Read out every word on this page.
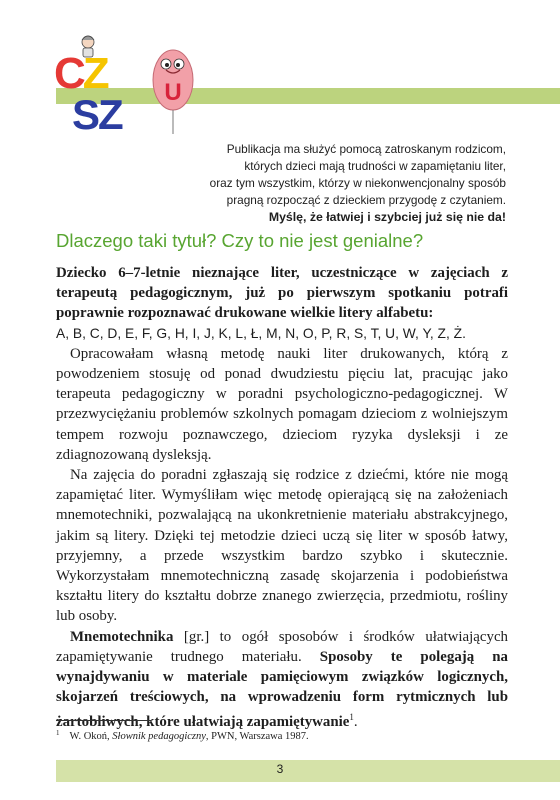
CZ
SZ U
Publikacja ma służyć pomocą zatroskanym rodzicom,
których dzieci mają trudności w zapamiętaniu liter,
oraz tym wszystkim, którzy w niekonwencjonalny sposób
pragną rozpocząć z dzieckiem przygodę z czytaniem.
Myślę, że łatwiej i szybciej już się nie da!
Dlaczego taki tytuł? Czy to nie jest genialne?

Dziecko 6–7-letnie nieznające liter, uczestniczące w zajęciach z terapeutą pedagogicznym, już po pierwszym spotkaniu potrafi poprawnie rozpoznawać drukowane wielkie litery alfabetu:

A, B, C, D, E, F, G, H, I, J, K, L, Ł, M, N, O, P, R, S, T, U, W, Y, Z, Ż.

Opracowałam własną metodę nauki liter drukowanych, którą z powodzeniem stosuję od ponad dwudziestu pięciu lat, pracując jako terapeuta pedagogiczny w poradni psychologiczno-pedagogicznej. W przezwyciężaniu problemów szkolnych pomagam dzieciom z wolniejszym tempem rozwoju poznawczego, dzieciom ryzyka dysleksji i ze zdiagnozowaną dysleksją.

Na zajęcia do poradni zgłaszają się rodzice z dziećmi, które nie mogą zapamiętać liter. Wymyśliłam więc metodę opierającą się na założeniach mnemotechniki, pozwalającą na ukonkretnienie materiału abstrakcyjnego, jakim są litery. Dzięki tej metodzie dzieci uczą się liter w sposób łatwy, przyjemny, a przede wszystkim bardzo szybko i skutecznie. Wykorzystałam mnemotechniczną zasadę skojarzenia i podobieństwa kształtu litery do kształtu dobrze znanego zwierzęcia, przedmiotu, rośliny lub osoby.

Mnemotechnika [gr.] to ogół sposobów i środków ułatwiających zapamiętywanie trudnego materiału. Sposoby te polegają na wynajdywaniu w materiale pamięciowym związków logicznych, skojarzeń treściowych, na wprowadzeniu form rytmicznych lub żartobliwych, które ułatwiają zapamiętywanie$^1$.

$^1$ W. Okoń, Słownik pedagogiczny, PWN, Warszawa 1987.
3
